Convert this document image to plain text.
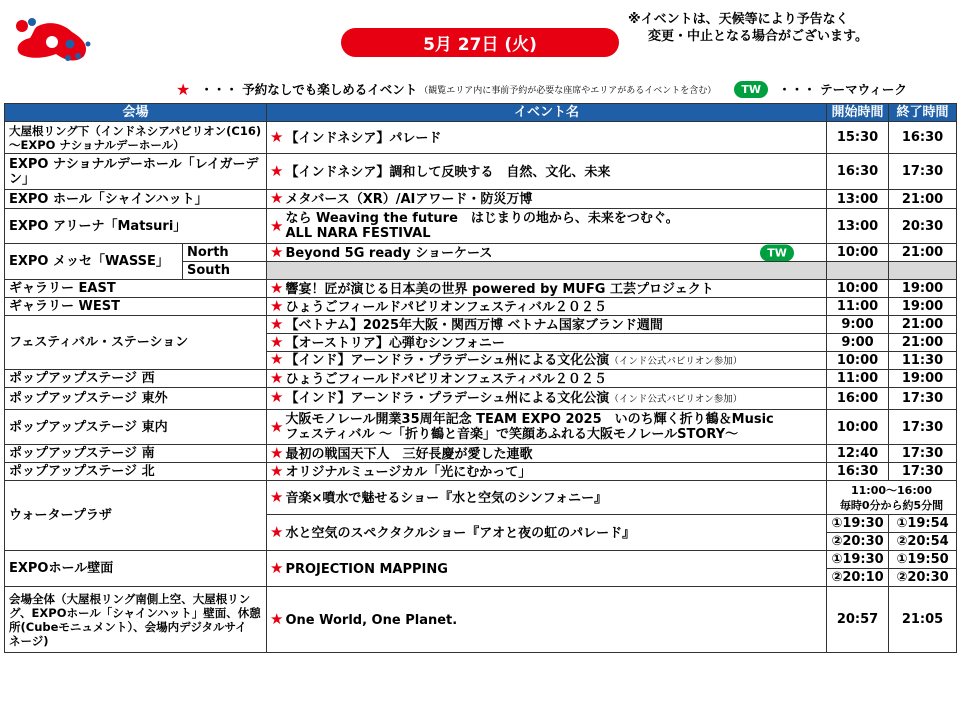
5月 27日 (火)
※イベントは、天候等により予告なく
変更・中止となる場合がございます。
★ ・・・ 予約なしでも楽しめるイベント （観覧エリア内に事前予約が必要な座席やエリアがあるイベントを含む）	TW	・・・ テーマウィーク
会場		イベント名	開始時間	終了時間
大屋根リング下（インドネシアパビリオン(C16)～EXPO ナショナルデーホール）		★ 【インドネシア】パレード	15:30	16:30
EXPO ナショナルデーホール「レイガーデン」		★ 【インドネシア】調和して反映する　自然、文化、未来	16:30	17:30
EXPO ホール「シャインハット」		★ メタバース（XR）/AIアワード・防災万博	13:00	21:00
EXPO アリーナ「Matsuri」		★ なら Weaving the future　はじまりの地から、未来をつむぐ。
ALL NARA FESTIVAL	13:00	20:30
EXPO メッセ「WASSE」	North	★ Beyond 5G ready ショーケース TW	10:00	21:00
	South			
ギャラリー EAST		★ 響宴！匠が演じる日本美の世界 powered by MUFG 工芸プロジェクト	10:00	19:00
ギャラリー WEST		★ ひょうごフィールドパビリオンフェスティバル２０２５	11:00	19:00
フェスティバル・ステーション		★ 【ベトナム】2025年大阪・関西万博 ベトナム国家ブランド週間	9:00	21:00
		★ 【オーストリア】心弾むシンフォニー	9:00	21:00
		★ 【インド】アーンドラ・プラデーシュ州による文化公演（インド公式パビリオン参加）	10:00	11:30
ポップアップステージ 西		★ ひょうごフィールドパビリオンフェスティバル２０２５	11:00	19:00
ポップアップステージ 東外		★ 【インド】アーンドラ・プラデーシュ州による文化公演（インド公式パビリオン参加）	16:00	17:30
ポップアップステージ 東内		★ 大阪モノレール開業35周年記念 TEAM EXPO 2025　いのち輝く折り鶴＆Music
フェスティバル ～「折り鶴と音楽」で笑顔あふれる大阪モノレールSTORY～	10:00	17:30
ポップアップステージ 南		★ 最初の戦国天下人　三好長慶が愛した連歌	12:40	17:30
ポップアップステージ 北		★ オリジナルミュージカル「光にむかって」	16:30	17:30
ウォータープラザ		★ 音楽×噴水で魅せるショー『水と空気のシンフォニー』	11:00～16:00
毎時0分から約5分間	

		★ 水と空気のスペクタクルショー『アオと夜の虹のパレード』	①19:30	①19:54
			②20:30	②20:54
EXPOホール壁面		★ PROJECTION MAPPING	①19:30	①19:50
			②20:10	②20:30
会場全体（大屋根リング南側上空、大屋根リング、EXPOホール「シャインハット」壁面、休憩所(Cubeモニュメント）、会場内デジタルサイ ネージ)		★ One World, One Planet.	20:57	21:05
